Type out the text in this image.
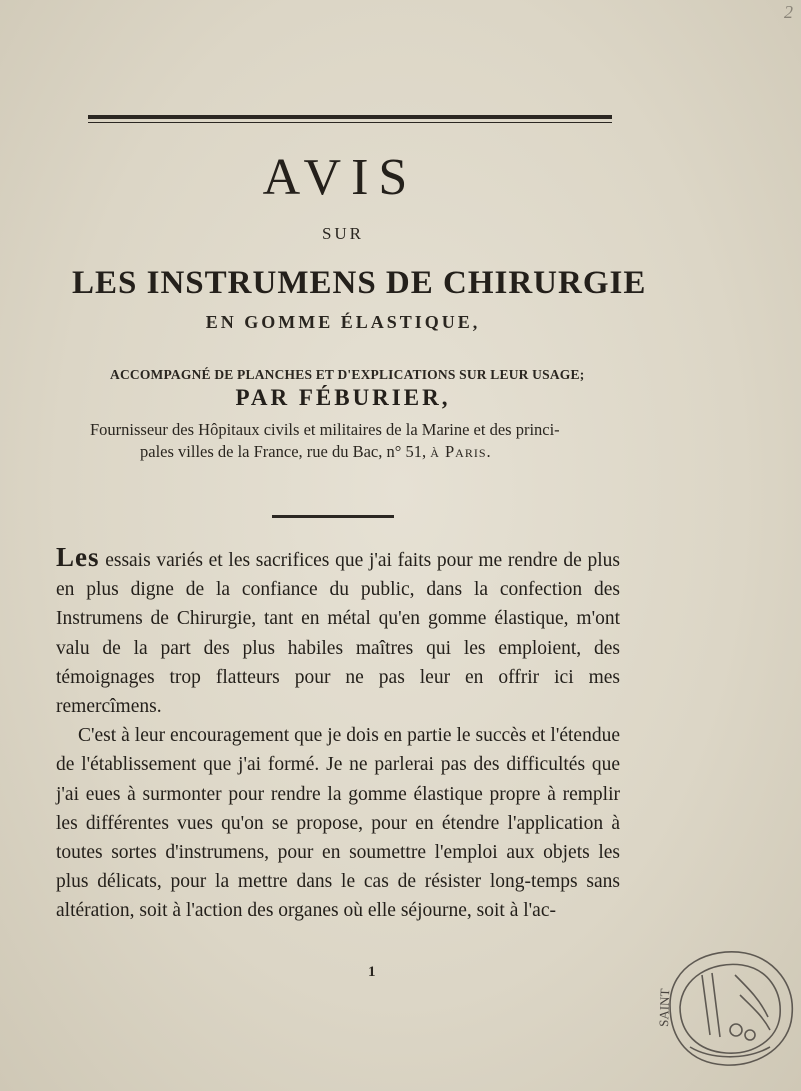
2
AVIS
SUR
LES INSTRUMENS DE CHIRURGIE
EN GOMME ÉLASTIQUE,
ACCOMPAGNÉ DE PLANCHES ET D'EXPLICATIONS SUR LEUR USAGE;
PAR FÉBURIER,
Fournisseur des Hôpitaux civils et militaires de la Marine et des princi-
pales villes de la France, rue du Bac, n° 51, à Paris.

Les essais variés et les sacrifices que j'ai faits pour me rendre de plus en plus digne de la confiance du public, dans la confection des Instrumens de Chirurgie, tant en métal qu'en gomme élastique, m'ont valu de la part des plus habiles maîtres qui les emploient, des témoignages trop flatteurs pour ne pas leur en offrir ici mes remercîmens.

C'est à leur encouragement que je dois en partie le succès et l'étendue de l'établissement que j'ai formé. Je ne parlerai pas des difficultés que j'ai eues à surmonter pour rendre la gomme élastique propre à remplir les différentes vues qu'on se propose, pour en étendre l'application à toutes sortes d'instrumens, pour en soumettre l'emploi aux objets les plus délicats, pour la mettre dans le cas de résister long-temps sans altération, soit à l'action des organes où elle séjourne, soit à l'ac-

1
SAINT
